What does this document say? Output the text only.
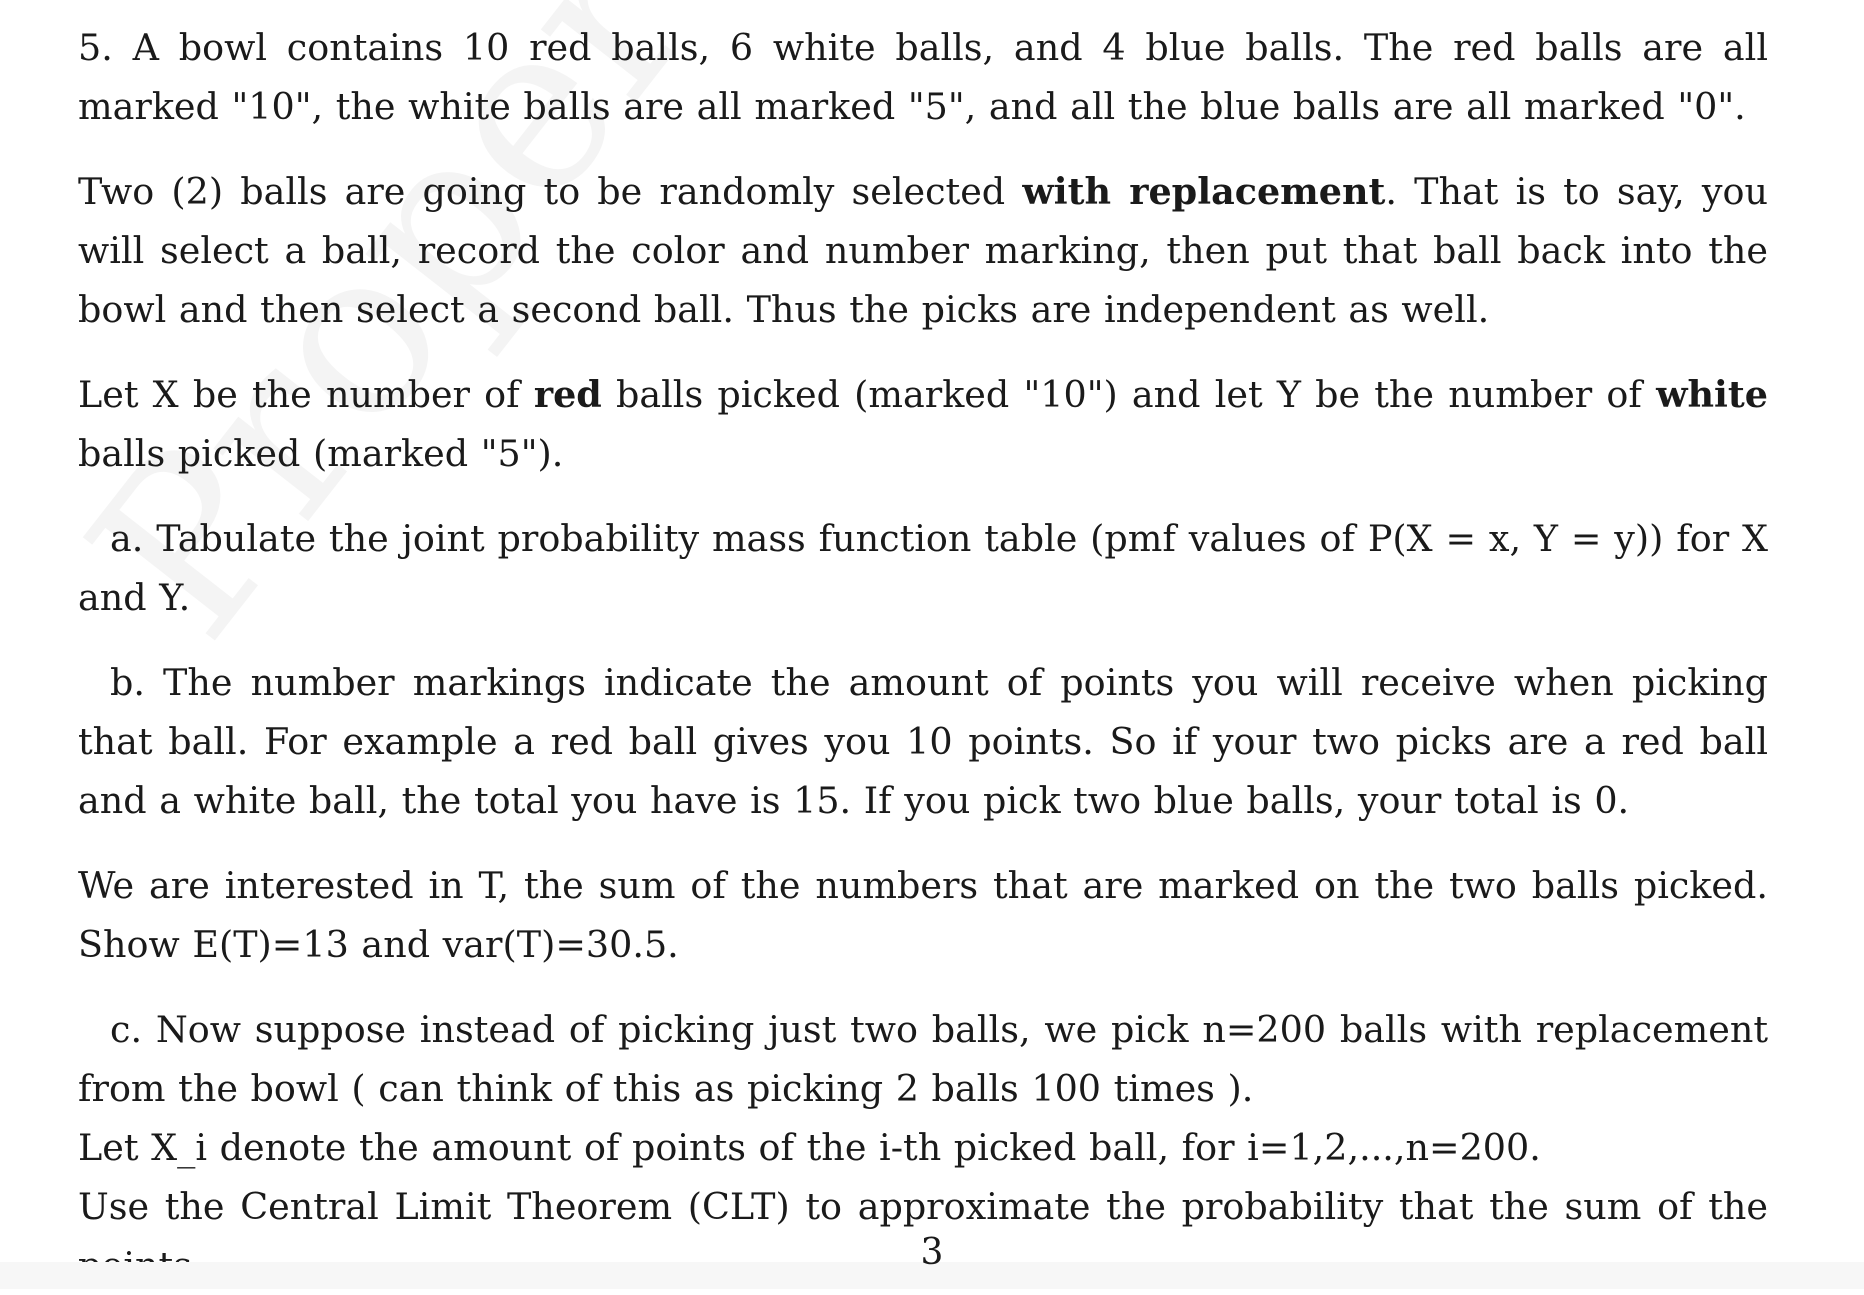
5. A bowl contains 10 red balls, 6 white balls, and 4 blue balls. The red balls are all marked "10", the white balls are all marked "5", and all the blue balls are all marked "0".

Two (2) balls are going to be randomly selected with replacement. That is to say, you will select a ball, record the color and number marking, then put that ball back into the bowl and then select a second ball. Thus the picks are independent as well.

Let X be the number of red balls picked (marked "10") and let Y be the number of white balls picked (marked "5").

a. Tabulate the joint probability mass function table (pmf values of P(X = x, Y = y)) for X and Y.

b. The number markings indicate the amount of points you will receive when picking that ball. For example a red ball gives you 10 points. So if your two picks are a red ball and a white ball, the total you have is 15. If you pick two blue balls, your total is 0.

We are interested in T, the sum of the numbers that are marked on the two balls picked. Show E(T)=13 and var(T)=30.5.

c. Now suppose instead of picking just two balls, we pick n=200 balls with replacement from the bowl ( can think of this as picking 2 balls 100 times ).

Let X_i denote the amount of points of the i-th picked ball, for i=1,2,...,n=200.

Use the Central Limit Theorem (CLT) to approximate the probability that the sum of the

3
